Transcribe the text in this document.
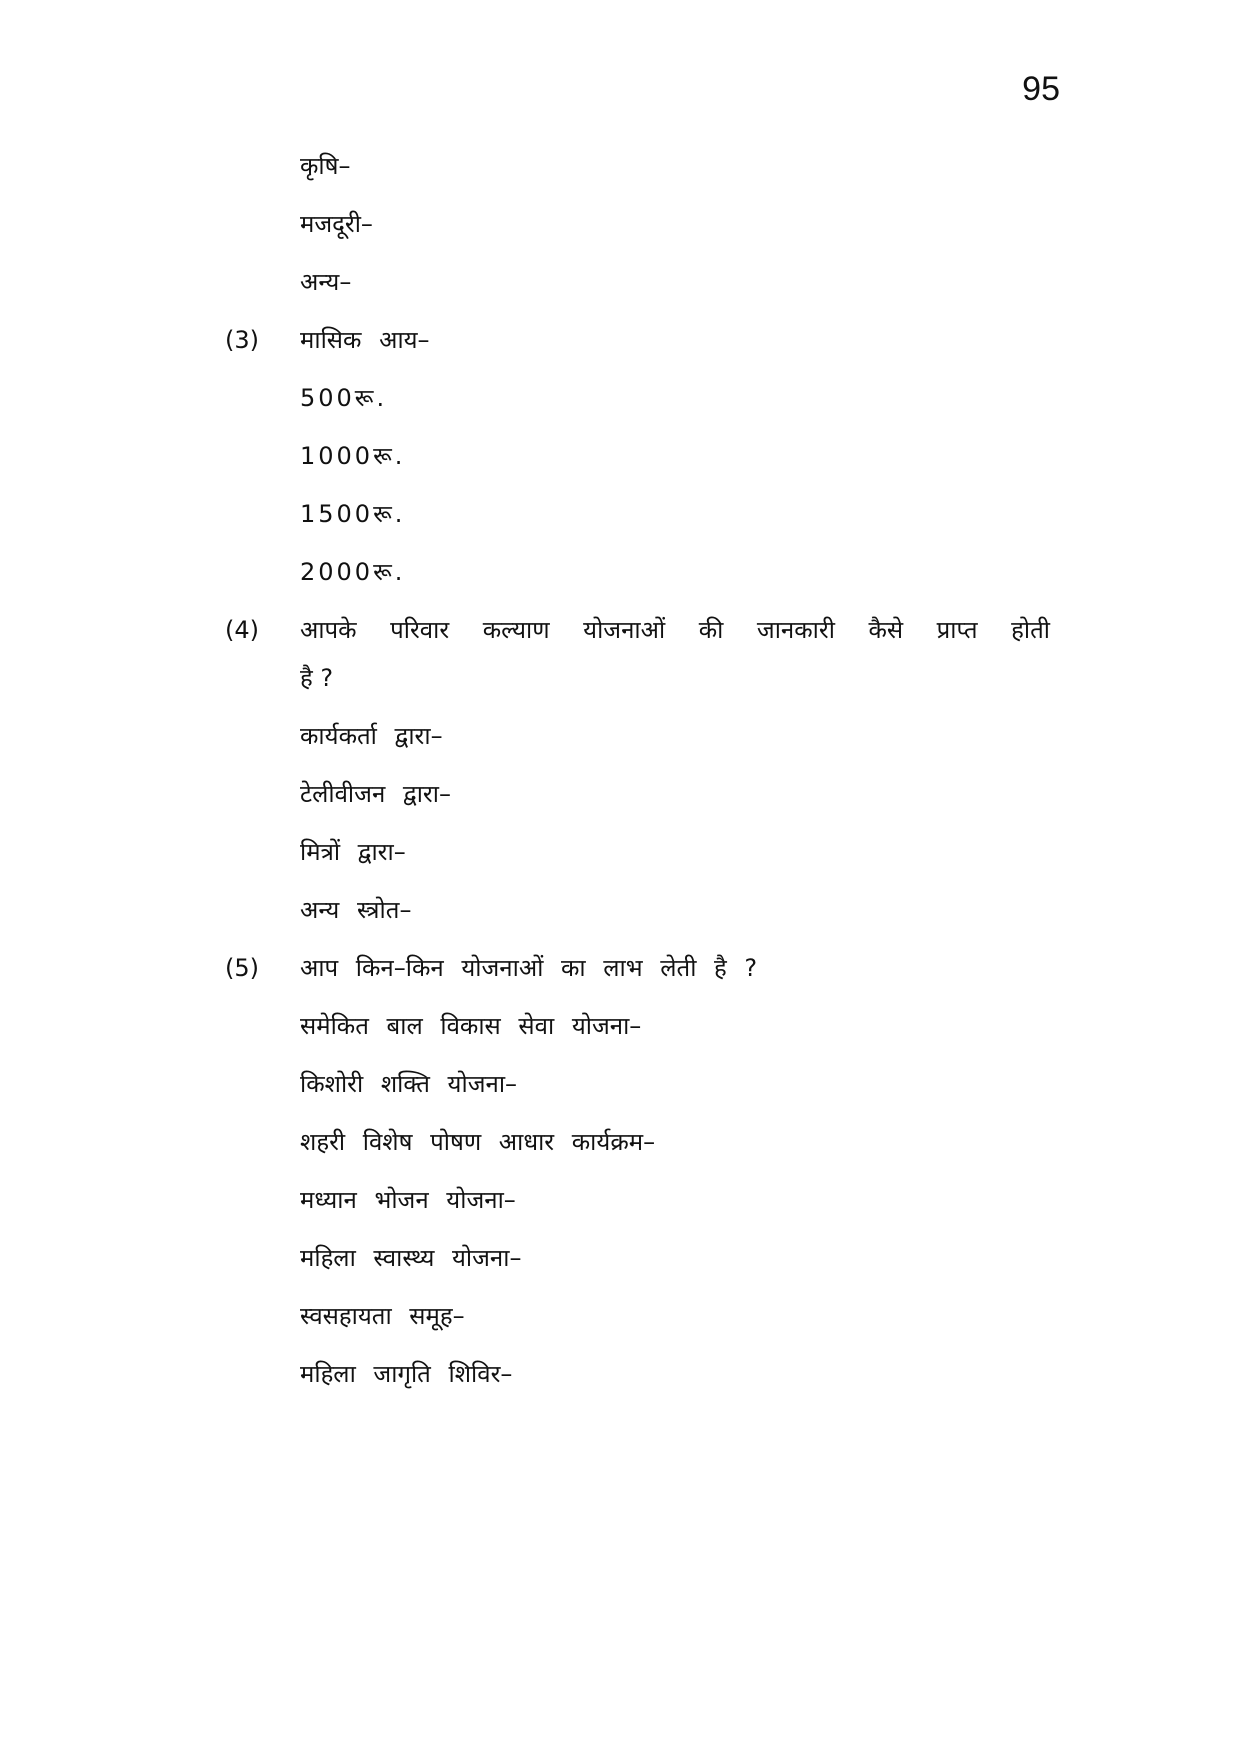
95
कृषि–
मजदूरी–
अन्य–
(3) मासिक आय–
500रू.
1000रू.
1500रू.
2000रू.
(4) आपके परिवार कल्याण योजनाओं की जानकारी कैसे प्राप्त होती
है ?
कार्यकर्ता द्वारा–
टेलीवीजन द्वारा–
मित्रों द्वारा–
अन्य स्त्रोत–
(5) आप किन–किन योजनाओं का लाभ लेती है ?
समेकित बाल विकास सेवा योजना–
किशोरी शक्ति योजना–
शहरी विशेष पोषण आधार कार्यक्रम–
मध्यान भोजन योजना–
महिला स्वास्थ्य योजना–
स्वसहायता समूह–
महिला जागृति शिविर–
